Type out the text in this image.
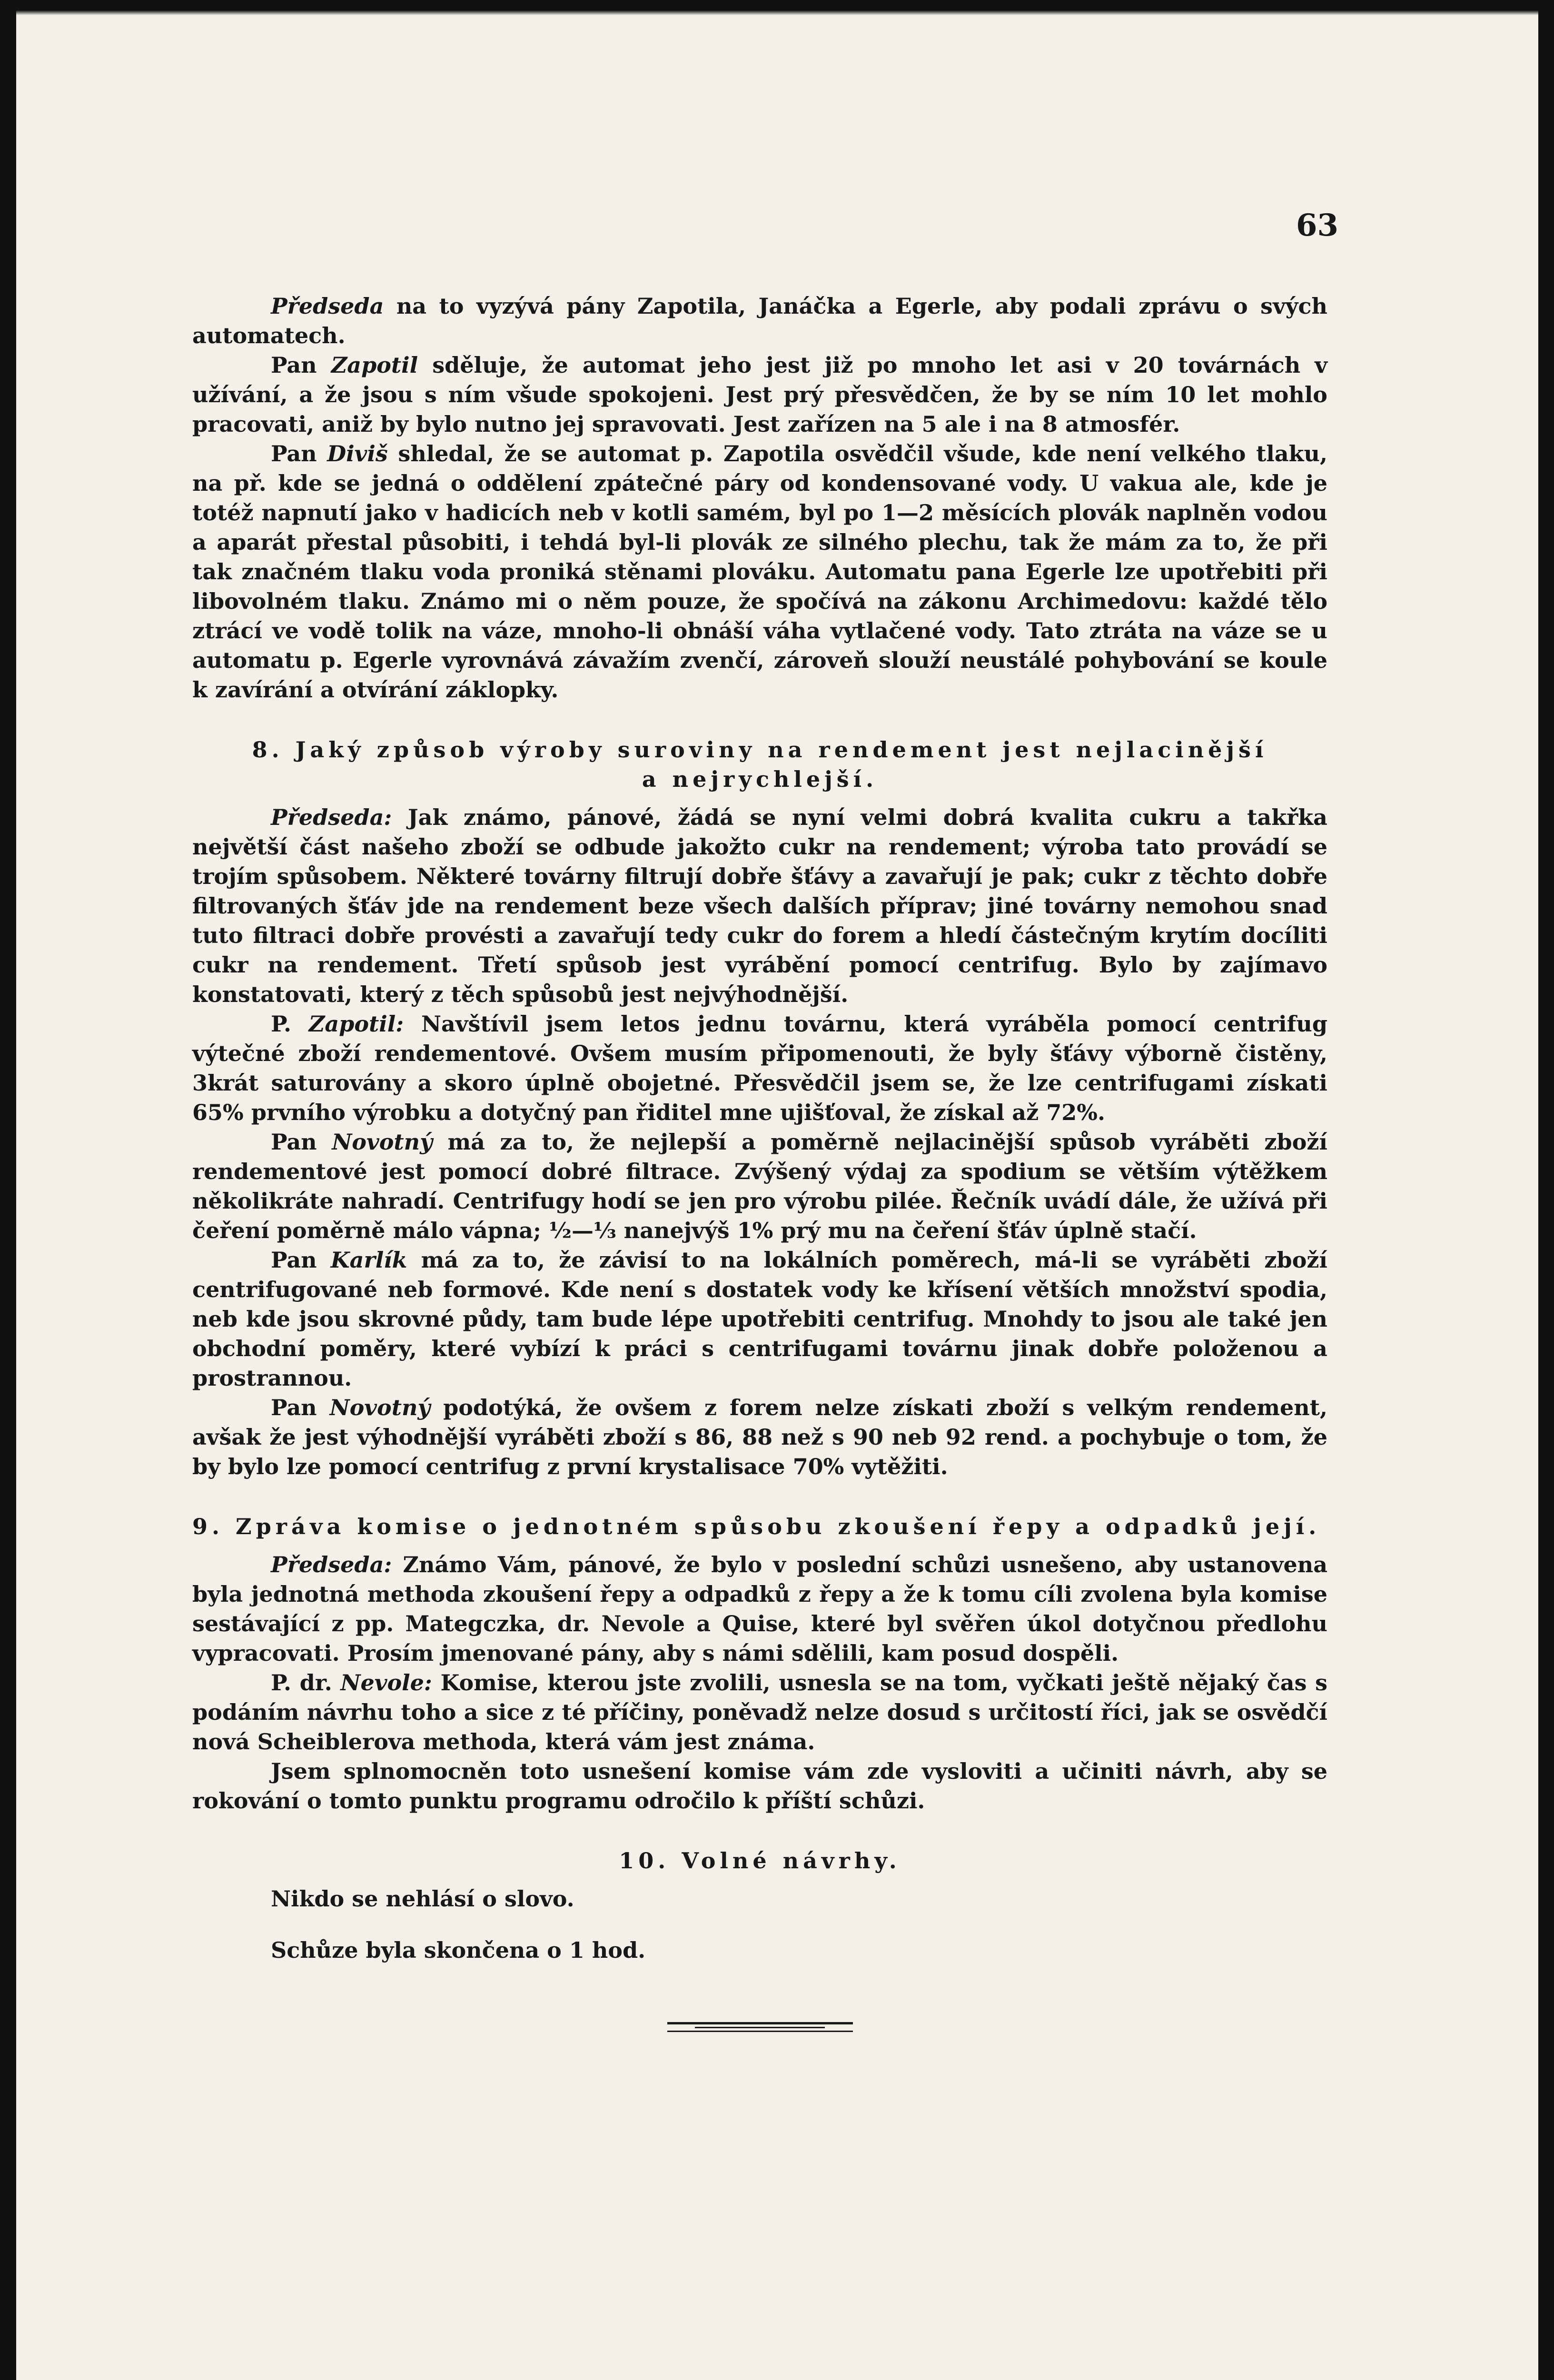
63

Předseda na to vyzývá pány Zapotila, Janáčka a Egerle, aby podali zprávu o svých automatech.

Pan Zapotil sděluje, že automat jeho jest již po mnoho let asi v 20 továrnách v užívání, a že jsou s ním všude spokojeni. Jest prý přesvědčen, že by se ním 10 let mohlo pracovati, aniž by bylo nutno jej spravovati. Jest zařízen na 5 ale i na 8 atmosfér.

Pan Diviš shledal, že se automat p. Zapotila osvědčil všude, kde není velkého tlaku, na př. kde se jedná o oddělení zpátečné páry od kondensované vody. U vakua ale, kde je totéž napnutí jako v hadicích neb v kotli samém, byl po 1—2 měsících plovák naplněn vodou a aparát přestal působiti, i tehdá byl-li plovák ze silného plechu, tak že mám za to, že při tak značném tlaku voda proniká stěnami plováku. Automatu pana Egerle lze upotřebiti při libovolném tlaku. Známo mi o něm pouze, že spočívá na zákonu Archimedovu: každé tělo ztrácí ve vodě tolik na váze, mnoho-li obnáší váha vytlačené vody. Tato ztráta na váze se u automatu p. Egerle vyrovnává závažím zvenčí, zároveň slouží neustálé pohybování se koule k zavírání a otvírání záklopky.

8. Jaký způsob výroby suroviny na rendement jest nejlacinější
a nejrychlejší.

Předseda: Jak známo, pánové, žádá se nyní velmi dobrá kvalita cukru a takřka největší část našeho zboží se odbude jakožto cukr na rendement; výroba tato provádí se trojím spůsobem. Některé továrny filtrují dobře šťávy a zavařují je pak; cukr z těchto dobře filtrovaných šťáv jde na rendement beze všech dalších příprav; jiné továrny nemohou snad tuto filtraci dobře provésti a zavařují tedy cukr do forem a hledí částečným krytím docíliti cukr na rendement. Třetí spůsob jest vyrábění pomocí centrifug. Bylo by zajímavo konstatovati, který z těch spůsobů jest nejvýhodnější.

P. Zapotil: Navštívil jsem letos jednu továrnu, která vyráběla pomocí centrifug výtečné zboží rendementové. Ovšem musím připomenouti, že byly šťávy výborně čistěny, 3krát saturovány a skoro úplně obojetné. Přesvědčil jsem se, že lze centrifugami získati 65% prvního výrobku a dotyčný pan řiditel mne ujišťoval, že získal až 72%.

Pan Novotný má za to, že nejlepší a poměrně nejlacinější spůsob vyráběti zboží rendementové jest pomocí dobré filtrace. Zvýšený výdaj za spodium se větším výtěžkem několikráte nahradí. Centrifugy hodí se jen pro výrobu pilée. Řečník uvádí dále, že užívá při čeření poměrně málo vápna; ½—⅓ nanejvýš 1% prý mu na čeření šťáv úplně stačí.

Pan Karlík má za to, že závisí to na lokálních poměrech, má-li se vyráběti zboží centrifugované neb formové. Kde není s dostatek vody ke křísení větších množství spodia, neb kde jsou skrovné půdy, tam bude lépe upotřebiti centrifug. Mnohdy to jsou ale také jen obchodní poměry, které vybízí k práci s centrifugami továrnu jinak dobře položenou a prostrannou.

Pan Novotný podotýká, že ovšem z forem nelze získati zboží s velkým rendement, avšak že jest výhodnější vyráběti zboží s 86, 88 než s 90 neb 92 rend. a pochybuje o tom, že by bylo lze pomocí centrifug z první krystalisace 70% vytěžiti.

9. Zpráva komise o jednotném spůsobu zkoušení řepy a odpadků její.

Předseda: Známo Vám, pánové, že bylo v poslední schůzi usnešeno, aby ustanovena byla jednotná methoda zkoušení řepy a odpadků z řepy a že k tomu cíli zvolena byla komise sestávající z pp. Mategczka, dr. Nevole a Quise, které byl svěřen úkol dotyčnou předlohu vypracovati. Prosím jmenované pány, aby s námi sdělili, kam posud dospěli.

P. dr. Nevole: Komise, kterou jste zvolili, usnesla se na tom, vyčkati ještě nějaký čas s podáním návrhu toho a sice z té příčiny, poněvadž nelze dosud s určitostí říci, jak se osvědčí nová Scheiblerova methoda, která vám jest známa.

Jsem splnomocněn toto usnešení komise vám zde vysloviti a učiniti návrh, aby se rokování o tomto punktu programu odročilo k příští schůzi.

10. Volné návrhy.

Nikdo se nehlásí o slovo.

Schůze byla skončena o 1 hod.
